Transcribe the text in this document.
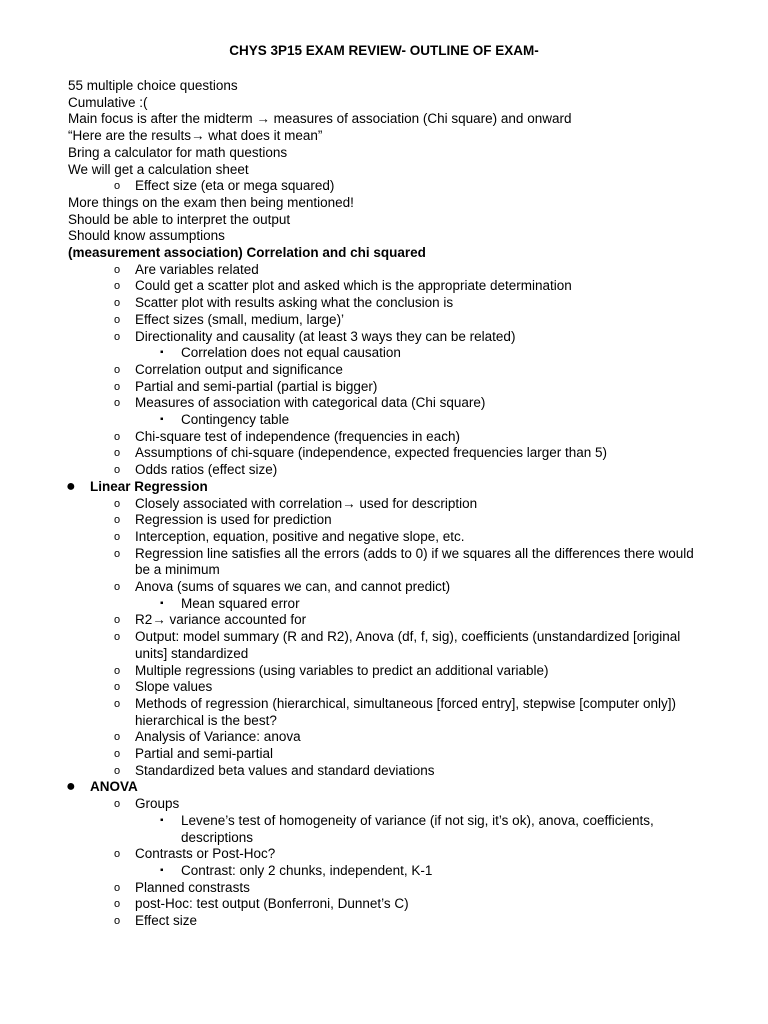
CHYS 3P15 EXAM REVIEW- OUTLINE OF EXAM-
55 multiple choice questions
Cumulative :(
Main focus is after the midterm → measures of association (Chi square) and onward
“Here are the results→ what does it mean”
Bring a calculator for math questions
We will get a calculation sheet
Effect size (eta or mega squared)
o
More things on the exam then being mentioned!
Should be able to interpret the output
Should know assumptions
(measurement association) Correlation and chi squared
Are variables related
o
Could get a scatter plot and asked which is the appropriate determination
o
Scatter plot with results asking what the conclusion is
o
Effect sizes (small, medium, large)’
o
Directionality and causality (at least 3 ways they can be related)
o
Correlation does not equal causation
▪
Correlation output and significance
o
Partial and semi-partial (partial is bigger)
o
Measures of association with categorical data (Chi square)
o
Contingency table
▪
Chi-square test of independence (frequencies in each)
o
Assumptions of chi-square (independence, expected frequencies larger than 5)
o
Odds ratios (effect size)
o
Linear Regression
●
Closely associated with correlation→ used for description
o
Regression is used for prediction
o
Interception, equation, positive and negative slope, etc.
o
Regression line satisfies all the errors (adds to 0) if we squares all the differences there would be a minimum
o
Anova (sums of squares we can, and cannot predict)
o
Mean squared error
▪
R2→ variance accounted for
o
Output: model summary (R and R2), Anova (df, f, sig), coefficients (unstandardized [original units] standardized
o
Multiple regressions (using variables to predict an additional variable)
o
Slope values
o
Methods of regression (hierarchical, simultaneous [forced entry], stepwise [computer only]) hierarchical is the best?
o
Analysis of Variance: anova
o
Partial and semi-partial
o
Standardized beta values and standard deviations
o
ANOVA
●
Groups
o
Levene’s test of homogeneity of variance (if not sig, it’s ok), anova, coefficients, descriptions
▪
Contrasts or Post-Hoc?
o
Contrast: only 2 chunks, independent, K-1
▪
Planned constrasts
o
post-Hoc: test output (Bonferroni, Dunnet’s C)
o
Effect size
o
